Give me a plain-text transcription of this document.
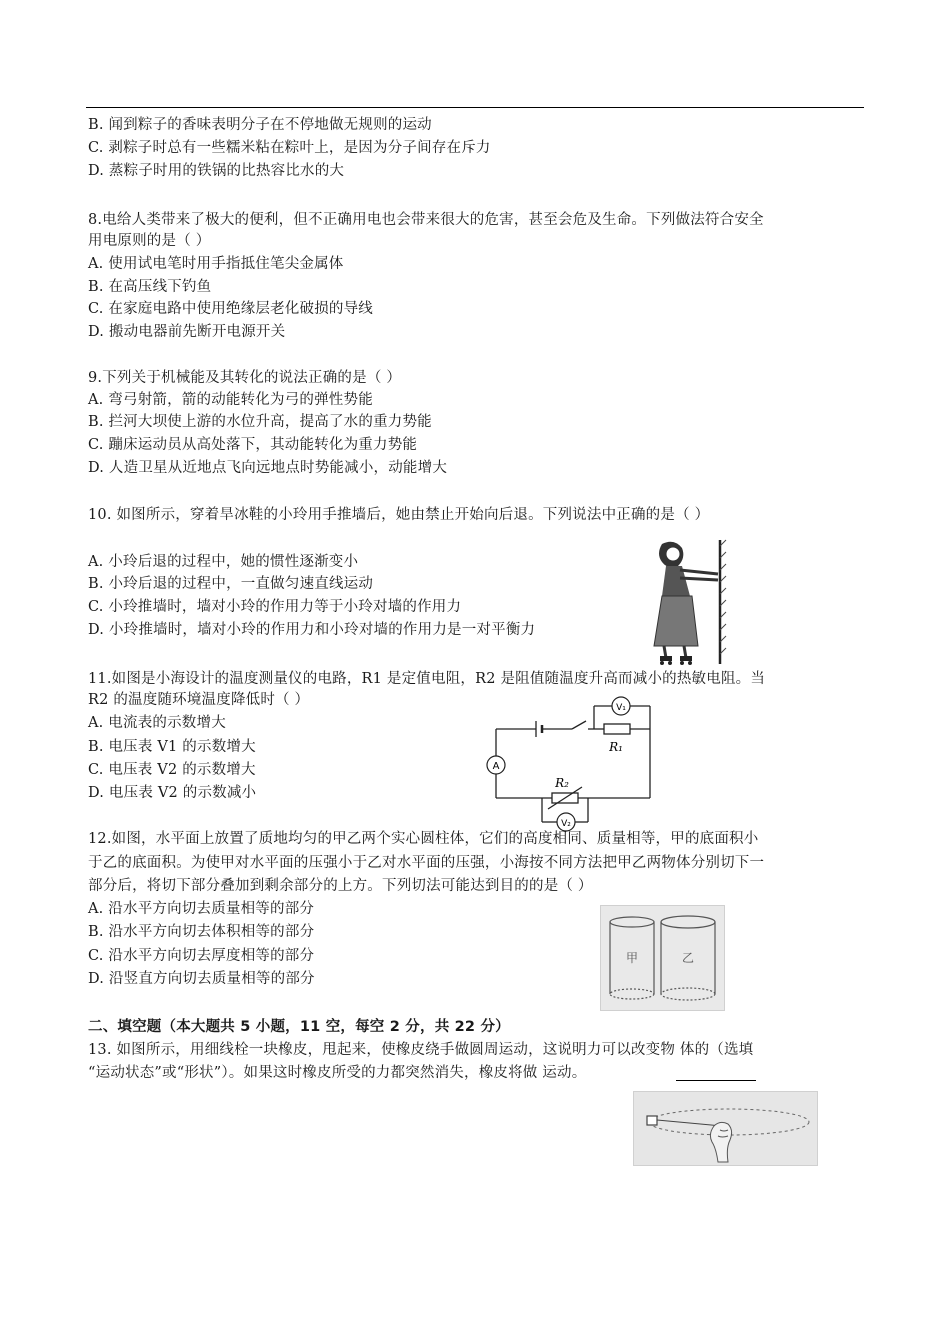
B. 闻到粽子的香味表明分子在不停地做无规则的运动
C. 剥粽子时总有一些糯米粘在粽叶上，是因为分子间存在斥力
D. 蒸粽子时用的铁锅的比热容比水的大
8.电给人类带来了极大的便利，但不正确用电也会带来很大的危害，甚至会危及生命。下列做法符合安全
用电原则的是（ ）
A. 使用试电笔时用手指抵住笔尖金属体
B. 在高压线下钓鱼
C. 在家庭电路中使用绝缘层老化破损的导线
D. 搬动电器前先断开电源开关
9.下列关于机械能及其转化的说法正确的是（ ）
A. 弯弓射箭，箭的动能转化为弓的弹性势能
B. 拦河大坝使上游的水位升高，提高了水的重力势能
C. 蹦床运动员从高处落下，其动能转化为重力势能
D. 人造卫星从近地点飞向远地点时势能减小，动能增大
10. 如图所示，穿着旱冰鞋的小玲用手推墙后，她由禁止开始向后退。下列说法中正确的是（ ）
A. 小玲后退的过程中，她的惯性逐渐变小
B. 小玲后退的过程中，一直做匀速直线运动
C. 小玲推墙时，墙对小玲的作用力等于小玲对墙的作用力
D. 小玲推墙时，墙对小玲的作用力和小玲对墙的作用力是一对平衡力
11.如图是小海设计的温度测量仪的电路，R1 是定值电阻，R2 是阻值随温度升高而减小的热敏电阻。当
R2 的温度随环境温度降低时（ ）
A. 电流表的示数增大
B. 电压表 V1 的示数增大
C. 电压表 V2 的示数增大
D. 电压表 V2 的示数减小
A
V₁
V₂
R₁
R₂
12.如图，水平面上放置了质地均匀的甲乙两个实心圆柱体，它们的高度相同、质量相等，甲的底面积小
于乙的底面积。为使甲对水平面的压强小于乙对水平面的压强，小海按不同方法把甲乙两物体分别切下一
部分后，将切下部分叠加到剩余部分的上方。下列切法可能达到目的的是（ ）
A. 沿水平方向切去质量相等的部分
B. 沿水平方向切去体积相等的部分
C. 沿水平方向切去厚度相等的部分
D. 沿竖直方向切去质量相等的部分
甲	乙
二、填空题（本大题共 5 小题，11 空，每空 2 分，共 22 分）
13. 如图所示，用细线栓一块橡皮，甩起来，使橡皮绕手做圆周运动，这说明力可以改变物 体的（选填
“运动状态”或“形状”）。如果这时橡皮所受的力都突然消失，橡皮将做 运动。
